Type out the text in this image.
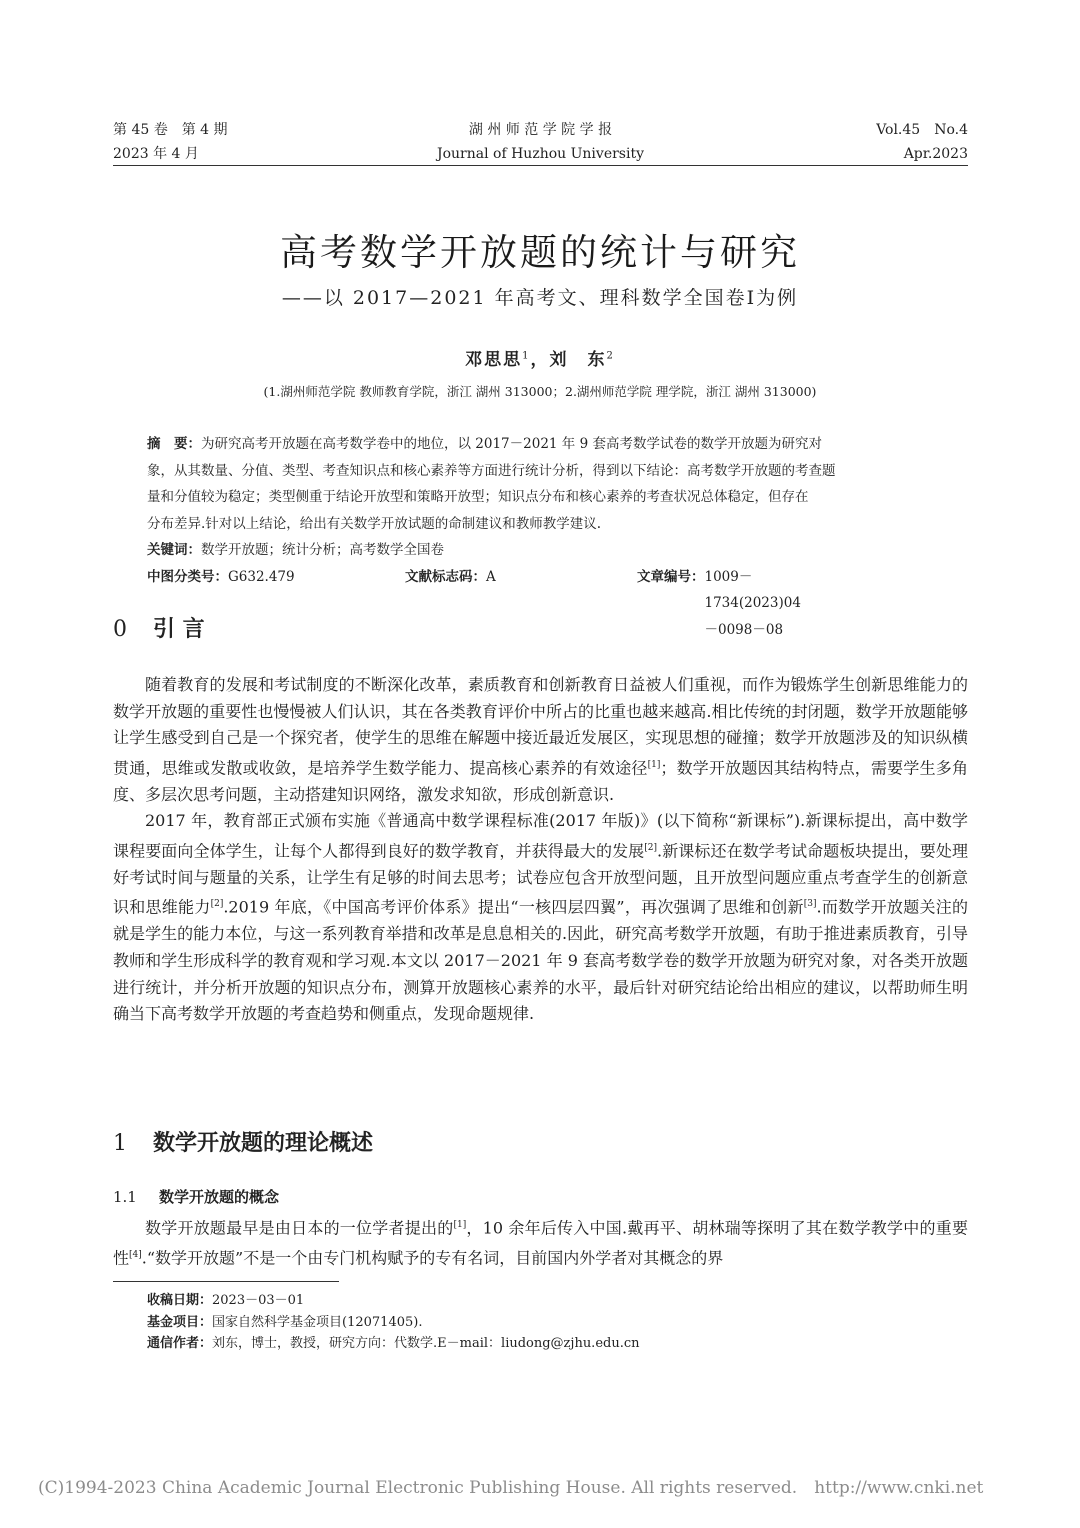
第 45 卷　第 4 期
2023 年 4 月
湖 州 师 范 学 院 学 报
Journal of Huzhou University
Vol.45　No.4
Apr.2023
高考数学开放题的统计与研究
——以 2017—2021 年高考文、理科数学全国卷Ⅰ为例
邓思思$^1$，刘　东$^2$
(1.湖州师范学院 教师教育学院，浙江 湖州 313000；2.湖州师范学院 理学院，浙江 湖州 313000)
摘　要：为研究高考开放题在高考数学卷中的地位，以 2017－2021 年 9 套高考数学试卷的数学开放题为研究对
象，从其数量、分值、类型、考查知识点和核心素养等方面进行统计分析，得到以下结论：高考数学开放题的考查题
量和分值较为稳定；类型侧重于结论开放型和策略开放型；知识点分布和核心素养的考查状况总体稳定，但存在
分布差异.针对以上结论，给出有关数学开放试题的命制建议和教师教学建议.
关键词：数学开放题；统计分析；高考数学全国卷
中图分类号： G632.479	文献标志码： A	文章编号： 1009－1734(2023)04－0098－08
0 引 言

随着教育的发展和考试制度的不断深化改革，素质教育和创新教育日益被人们重视，而作为锻炼学生创新思维能力的数学开放题的重要性也慢慢被人们认识，其在各类教育评价中所占的比重也越来越高.相比传统的封闭题，数学开放题能够让学生感受到自己是一个探究者，使学生的思维在解题中接近最近发展区，实现思想的碰撞；数学开放题涉及的知识纵横贯通，思维或发散或收敛，是培养学生数学能力、提高核心素养的有效途径[1]；数学开放题因其结构特点，需要学生多角度、多层次思考问题，主动搭建知识网络，激发求知欲，形成创新意识.

2017 年，教育部正式颁布实施《普通高中数学课程标准(2017 年版)》(以下简称“新课标”).新课标提出，高中数学课程要面向全体学生，让每个人都得到良好的数学教育，并获得最大的发展[2].新课标还在数学考试命题板块提出，要处理好考试时间与题量的关系，让学生有足够的时间去思考；试卷应包含开放型问题，且开放型问题应重点考查学生的创新意识和思维能力[2].2019 年底，《中国高考评价体系》提出“一核四层四翼”，再次强调了思维和创新[3].而数学开放题关注的就是学生的能力本位，与这一系列教育举措和改革是息息相关的.因此，研究高考数学开放题，有助于推进素质教育，引导教师和学生形成科学的教育观和学习观.本文以 2017－2021 年 9 套高考数学卷的数学开放题为研究对象，对各类开放题进行统计，并分析开放题的知识点分布，测算开放题核心素养的水平，最后针对研究结论给出相应的建议，以帮助师生明确当下高考数学开放题的考查趋势和侧重点，发现命题规律.

1 数学开放题的理论概述
1.1 数学开放题的概念

数学开放题最早是由日本的一位学者提出的[1]，10 余年后传入中国.戴再平、胡林瑞等探明了其在数学教学中的重要性[4].“数学开放题”不是一个由专门机构赋予的专有名词，目前国内外学者对其概念的界

收稿日期：2023－03－01
基金项目：国家自然科学基金项目(12071405).
通信作者：刘东，博士，教授，研究方向：代数学.E－mail：liudong@zjhu.edu.cn
(C)1994-2023 China Academic Journal Electronic Publishing House. All rights reserved.　http://www.cnki.net
